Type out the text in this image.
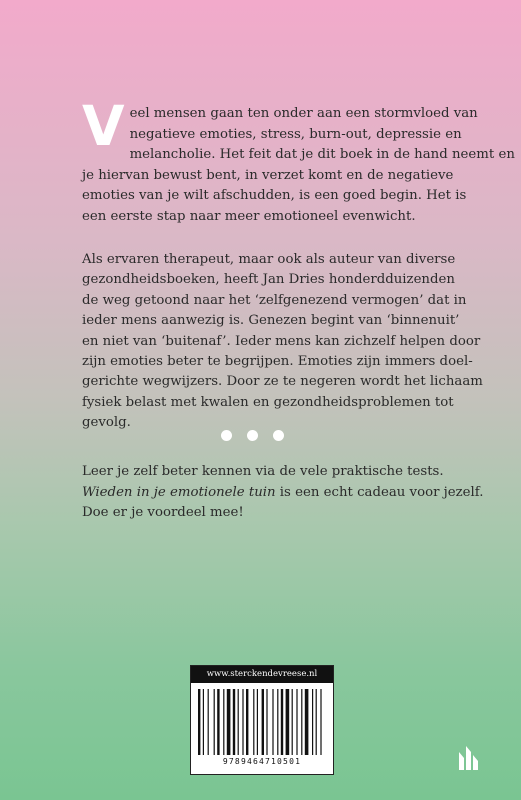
V eel mensen gaan ten onder aan een stormvloed van
negatieve emoties, stress, burn-out, depressie en
melancholie. Het feit dat je dit boek in de hand neemt en
je hiervan bewust bent, in verzet komt en de negatieve
emoties van je wilt afschudden, is een goed begin. Het is
een eerste stap naar meer emotioneel evenwicht.
Als ervaren therapeut, maar ook als auteur van diverse
gezondheidsboeken, heeft Jan Dries honderdduizenden
de weg getoond naar het ‘zelfgenezend vermogen’ dat in
ieder mens aanwezig is. Genezen begint van ‘binnenuit’
en niet van ‘buitenaf’. Ieder mens kan zichzelf helpen door
zijn emoties beter te begrijpen. Emoties zijn immers doel-
gerichte wegwijzers. Door ze te negeren wordt het lichaam
fysiek belast met kwalen en gezondheidsproblemen tot
gevolg.
Leer je zelf beter kennen via de vele praktische tests.
Wieden in je emotionele tuin is een echt cadeau voor jezelf.
Doe er je voordeel mee!
www.sterckendevreese.nl
9789464710501
